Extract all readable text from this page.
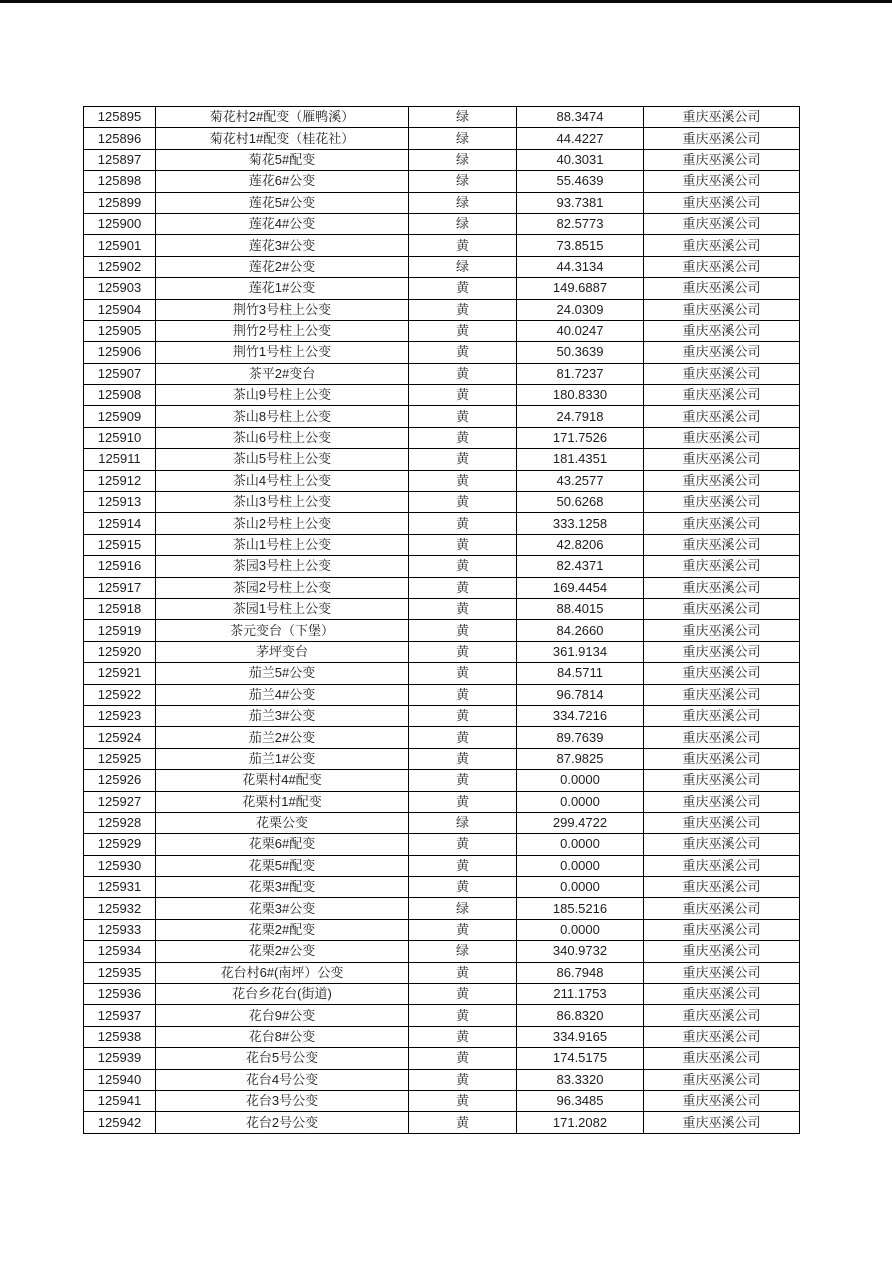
125895	菊花村2#配变（雁鸭溪）	绿	88.3474	重庆巫溪公司
125896	菊花村1#配变（桂花社）	绿	44.4227	重庆巫溪公司
125897	菊花5#配变	绿	40.3031	重庆巫溪公司
125898	莲花6#公变	绿	55.4639	重庆巫溪公司
125899	莲花5#公变	绿	93.7381	重庆巫溪公司
125900	莲花4#公变	绿	82.5773	重庆巫溪公司
125901	莲花3#公变	黄	73.8515	重庆巫溪公司
125902	莲花2#公变	绿	44.3134	重庆巫溪公司
125903	莲花1#公变	黄	149.6887	重庆巫溪公司
125904	荆竹3号柱上公变	黄	24.0309	重庆巫溪公司
125905	荆竹2号柱上公变	黄	40.0247	重庆巫溪公司
125906	荆竹1号柱上公变	黄	50.3639	重庆巫溪公司
125907	茶平2#变台	黄	81.7237	重庆巫溪公司
125908	茶山9号柱上公变	黄	180.8330	重庆巫溪公司
125909	茶山8号柱上公变	黄	24.7918	重庆巫溪公司
125910	茶山6号柱上公变	黄	171.7526	重庆巫溪公司
125911	茶山5号柱上公变	黄	181.4351	重庆巫溪公司
125912	茶山4号柱上公变	黄	43.2577	重庆巫溪公司
125913	茶山3号柱上公变	黄	50.6268	重庆巫溪公司
125914	茶山2号柱上公变	黄	333.1258	重庆巫溪公司
125915	茶山1号柱上公变	黄	42.8206	重庆巫溪公司
125916	茶园3号柱上公变	黄	82.4371	重庆巫溪公司
125917	茶园2号柱上公变	黄	169.4454	重庆巫溪公司
125918	茶园1号柱上公变	黄	88.4015	重庆巫溪公司
125919	茶元变台（下堡）	黄	84.2660	重庆巫溪公司
125920	茅坪变台	黄	361.9134	重庆巫溪公司
125921	茄兰5#公变	黄	84.5711	重庆巫溪公司
125922	茄兰4#公变	黄	96.7814	重庆巫溪公司
125923	茄兰3#公变	黄	334.7216	重庆巫溪公司
125924	茄兰2#公变	黄	89.7639	重庆巫溪公司
125925	茄兰1#公变	黄	87.9825	重庆巫溪公司
125926	花栗村4#配变	黄	0.0000	重庆巫溪公司
125927	花栗村1#配变	黄	0.0000	重庆巫溪公司
125928	花栗公变	绿	299.4722	重庆巫溪公司
125929	花栗6#配变	黄	0.0000	重庆巫溪公司
125930	花栗5#配变	黄	0.0000	重庆巫溪公司
125931	花栗3#配变	黄	0.0000	重庆巫溪公司
125932	花栗3#公变	绿	185.5216	重庆巫溪公司
125933	花栗2#配变	黄	0.0000	重庆巫溪公司
125934	花栗2#公变	绿	340.9732	重庆巫溪公司
125935	花台村6#(南坪）公变	黄	86.7948	重庆巫溪公司
125936	花台乡花台(街道)	黄	211.1753	重庆巫溪公司
125937	花台9#公变	黄	86.8320	重庆巫溪公司
125938	花台8#公变	黄	334.9165	重庆巫溪公司
125939	花台5号公变	黄	174.5175	重庆巫溪公司
125940	花台4号公变	黄	83.3320	重庆巫溪公司
125941	花台3号公变	黄	96.3485	重庆巫溪公司
125942	花台2号公变	黄	171.2082	重庆巫溪公司
